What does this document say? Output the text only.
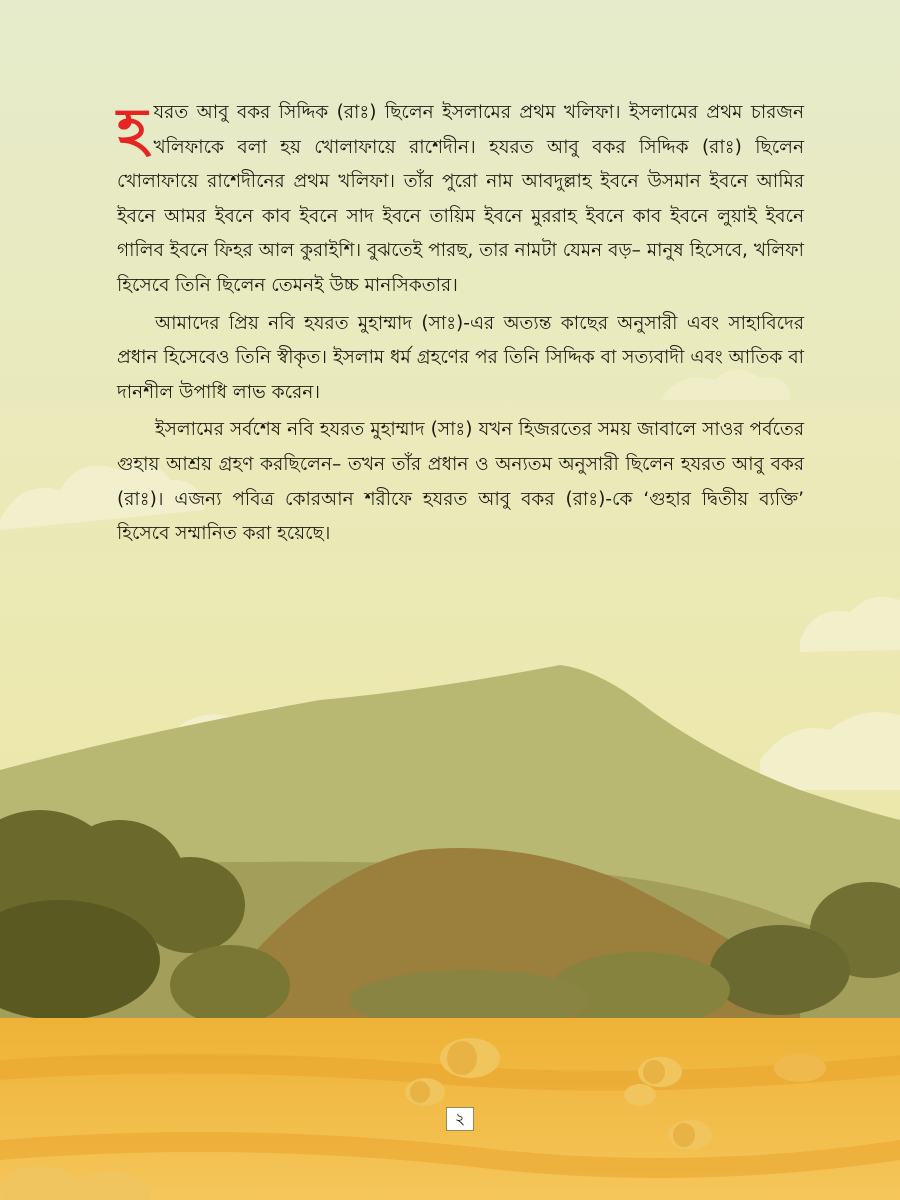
হযরত আবু বকর সিদ্দিক (রাঃ) ছিলেন ইসলামের প্রথম খলিফা। ইসলামের প্রথম চারজন খলিফাকে বলা হয় খোলাফায়ে রাশেদীন। হযরত আবু বকর সিদ্দিক (রাঃ) ছিলেন খোলাফায়ে রাশেদীনের প্রথম খলিফা। তাঁর পুরো নাম আবদুল্লাহ ইবনে উসমান ইবনে আমির ইবনে আমর ইবনে কাব ইবনে সাদ ইবনে তায়িম ইবনে মুররাহ ইবনে কাব ইবনে লুয়াই ইবনে গালিব ইবনে ফিহর আল কুরাইশি। বুঝতেই পারছ, তার নামটা যেমন বড়– মানুষ হিসেবে, খলিফা হিসেবে তিনি ছিলেন তেমনই উচ্চ মানসিকতার।

আমাদের প্রিয় নবি হযরত মুহাম্মাদ (সাঃ)-এর অত্যন্ত কাছের অনুসারী এবং সাহাবিদের প্রধান হিসেবেও তিনি স্বীকৃত। ইসলাম ধর্ম গ্রহণের পর তিনি সিদ্দিক বা সত্যবাদী এবং আতিক বা দানশীল উপাধি লাভ করেন।

ইসলামের সর্বশেষ নবি হযরত মুহাম্মাদ (সাঃ) যখন হিজরতের সময় জাবালে সাওর পর্বতের গুহায় আশ্রয় গ্রহণ করছিলেন– তখন তাঁর প্রধান ও অন্যতম অনুসারী ছিলেন হযরত আবু বকর (রাঃ)। এজন্য পবিত্র কোরআন শরীফে হযরত আবু বকর (রাঃ)-কে ‘গুহার দ্বিতীয় ব্যক্তি’ হিসেবে সম্মানিত করা হয়েছে।

২
